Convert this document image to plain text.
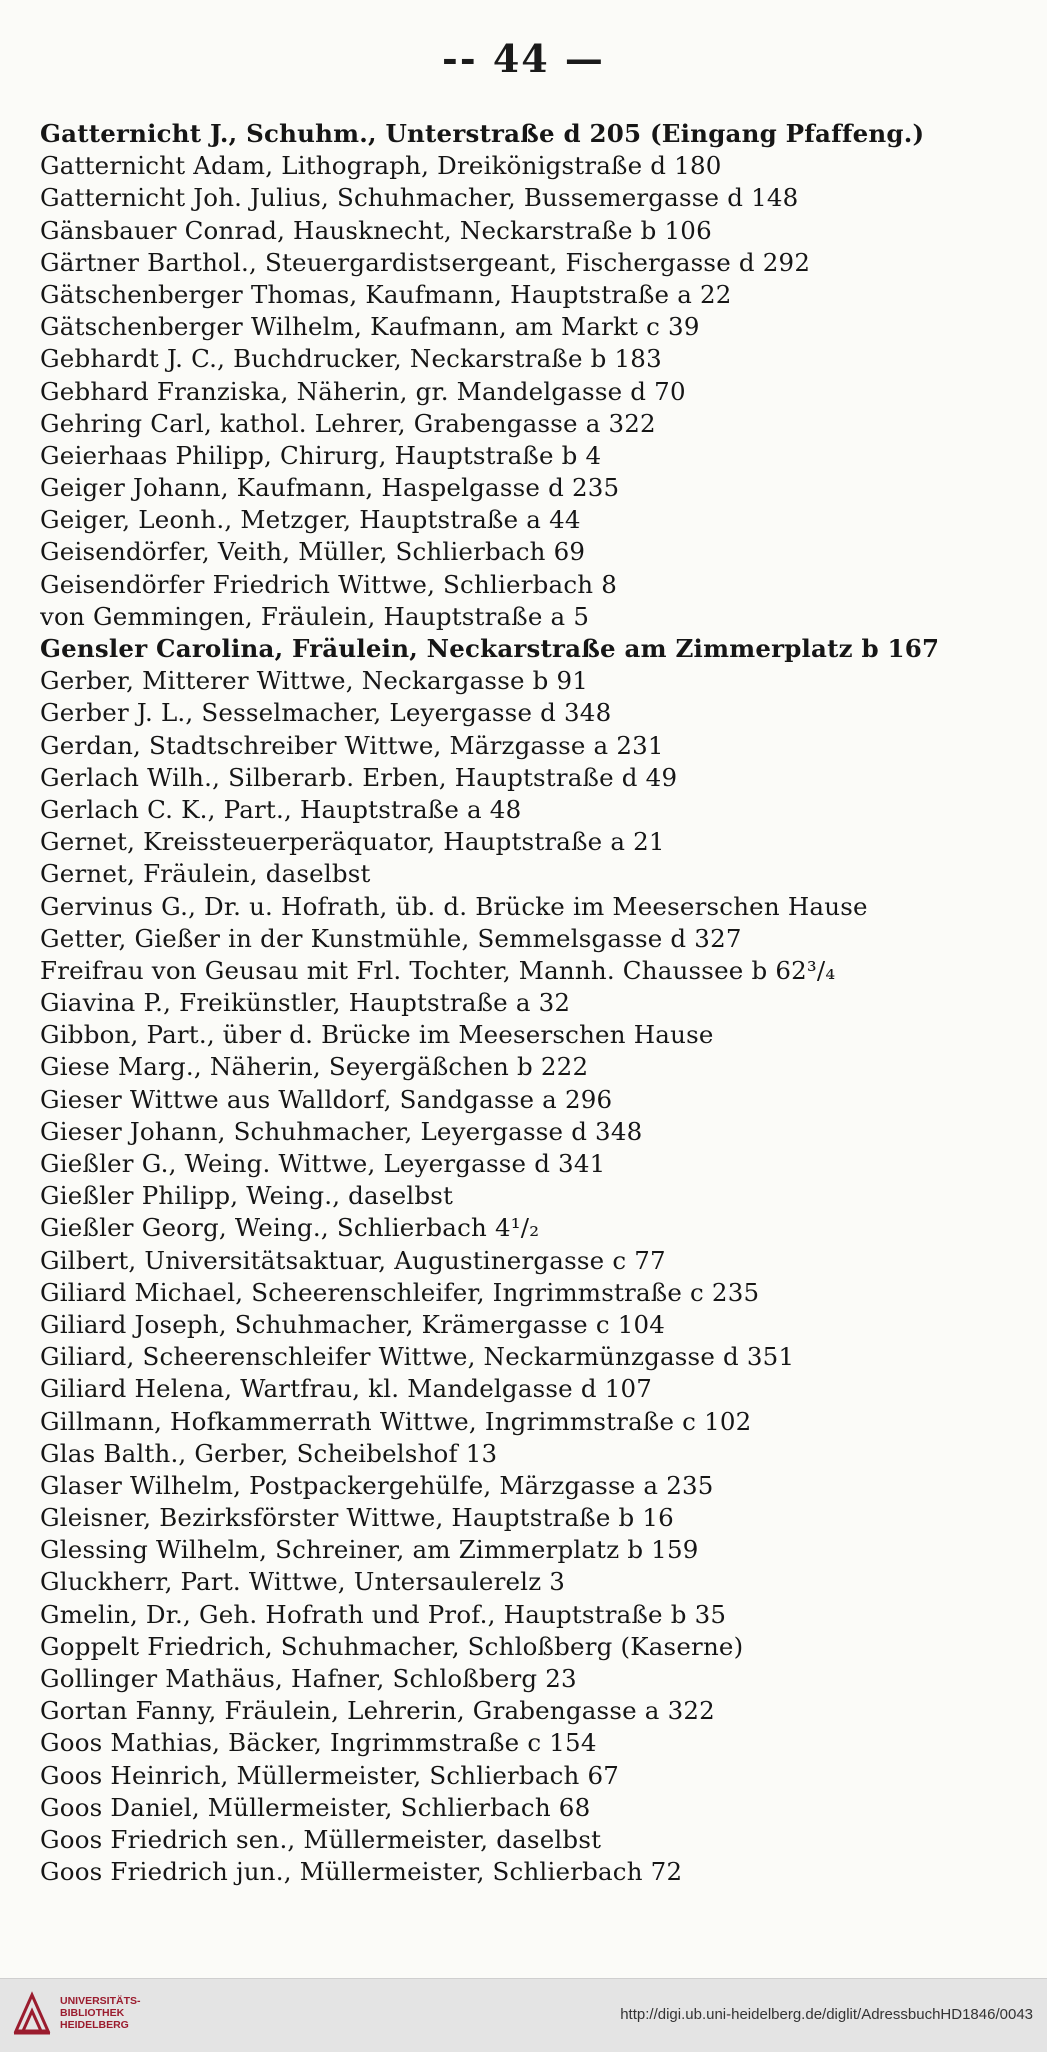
-- 44 —
Gatternicht J., Schuhm., Unterstraße d 205 (Eingang Pfaffeng.)
Gatternicht Adam, Lithograph, Dreikönigstraße d 180
Gatternicht Joh. Julius, Schuhmacher, Bussemergasse d 148
Gänsbauer Conrad, Hausknecht, Neckarstraße b 106
Gärtner Barthol., Steuergardistsergeant, Fischergasse d 292
Gätschenberger Thomas, Kaufmann, Hauptstraße a 22
Gätschenberger Wilhelm, Kaufmann, am Markt c 39
Gebhardt J. C., Buchdrucker, Neckarstraße b 183
Gebhard Franziska, Näherin, gr. Mandelgasse d 70
Gehring Carl, kathol. Lehrer, Grabengasse a 322
Geierhaas Philipp, Chirurg, Hauptstraße b 4
Geiger Johann, Kaufmann, Haspelgasse d 235
Geiger, Leonh., Metzger, Hauptstraße a 44
Geisendörfer, Veith, Müller, Schlierbach 69
Geisendörfer Friedrich Wittwe, Schlierbach 8
von Gemmingen, Fräulein, Hauptstraße a 5
Gensler Carolina, Fräulein, Neckarstraße am Zimmerplatz b 167
Gerber, Mitterer Wittwe, Neckargasse b 91
Gerber J. L., Sesselmacher, Leyergasse d 348
Gerdan, Stadtschreiber Wittwe, Märzgasse a 231
Gerlach Wilh., Silberarb. Erben, Hauptstraße d 49
Gerlach C. K., Part., Hauptstraße a 48
Gernet, Kreissteuerperäquator, Hauptstraße a 21
Gernet, Fräulein, daselbst
Gervinus G., Dr. u. Hofrath, üb. d. Brücke im Meeserschen Hause
Getter, Gießer in der Kunstmühle, Semmelsgasse d 327
Freifrau von Geusau mit Frl. Tochter, Mannh. Chaussee b 62³/₄
Giavina P., Freikünstler, Hauptstraße a 32
Gibbon, Part., über d. Brücke im Meeserschen Hause
Giese Marg., Näherin, Seyergäßchen b 222
Gieser Wittwe aus Walldorf, Sandgasse a 296
Gieser Johann, Schuhmacher, Leyergasse d 348
Gießler G., Weing. Wittwe, Leyergasse d 341
Gießler Philipp, Weing., daselbst
Gießler Georg, Weing., Schlierbach 4¹/₂
Gilbert, Universitätsaktuar, Augustinergasse c 77
Giliard Michael, Scheerenschleifer, Ingrimmstraße c 235
Giliard Joseph, Schuhmacher, Krämergasse c 104
Giliard, Scheerenschleifer Wittwe, Neckarmünzgasse d 351
Giliard Helena, Wartfrau, kl. Mandelgasse d 107
Gillmann, Hofkammerrath Wittwe, Ingrimmstraße c 102
Glas Balth., Gerber, Scheibelshof 13
Glaser Wilhelm, Postpackergehülfe, Märzgasse a 235
Gleisner, Bezirksförster Wittwe, Hauptstraße b 16
Glessing Wilhelm, Schreiner, am Zimmerplatz b 159
Gluckherr, Part. Wittwe, Untersaulerelz 3
Gmelin, Dr., Geh. Hofrath und Prof., Hauptstraße b 35
Goppelt Friedrich, Schuhmacher, Schloßberg (Kaserne)
Gollinger Mathäus, Hafner, Schloßberg 23
Gortan Fanny, Fräulein, Lehrerin, Grabengasse a 322
Goos Mathias, Bäcker, Ingrimmstraße c 154
Goos Heinrich, Müllermeister, Schlierbach 67
Goos Daniel, Müllermeister, Schlierbach 68
Goos Friedrich sen., Müllermeister, daselbst
Goos Friedrich jun., Müllermeister, Schlierbach 72
UNIVERSITÄTS-
BIBLIOTHEK
HEIDELBERG
http://digi.ub.uni-heidelberg.de/diglit/AdressbuchHD1846/0043
